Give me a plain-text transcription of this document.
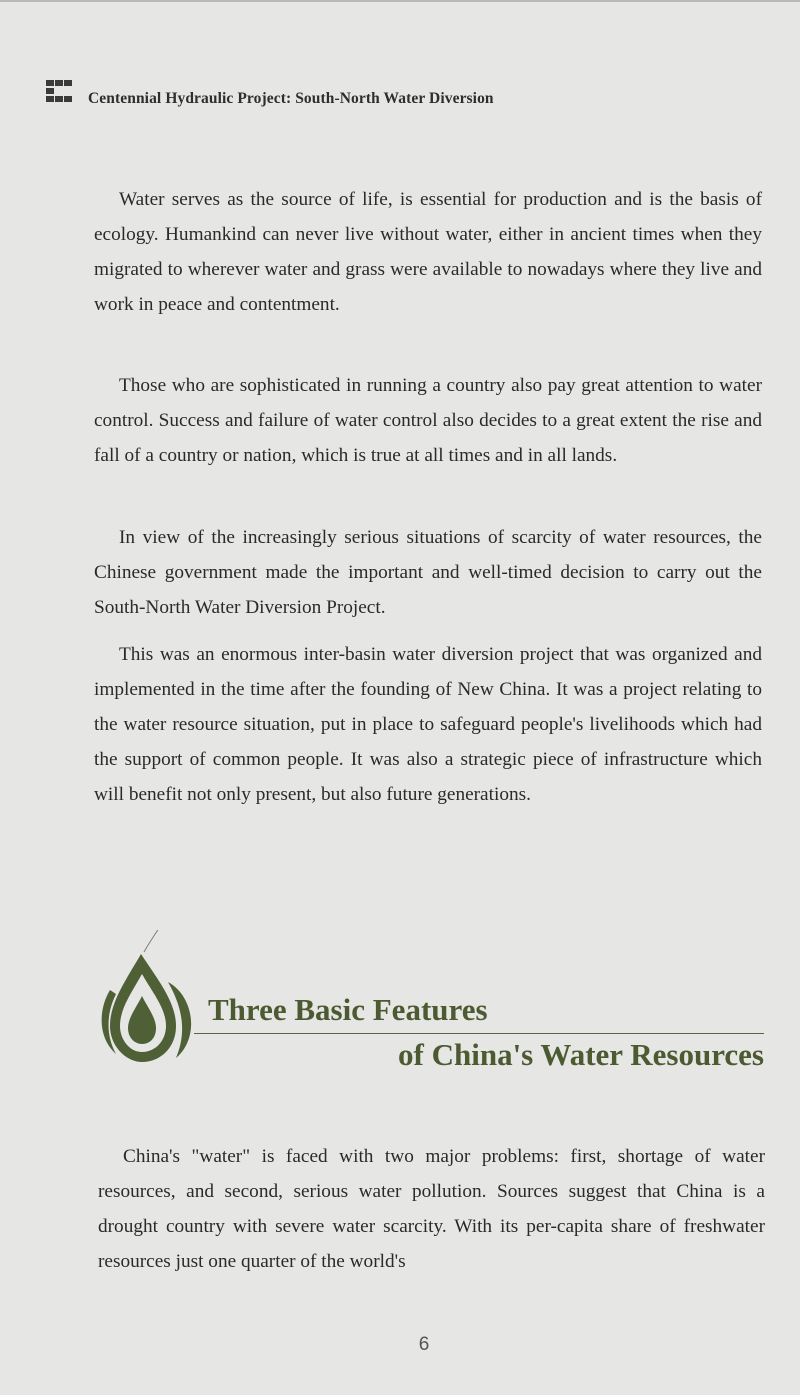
Centennial Hydraulic Project: South-North Water Diversion

Water serves as the source of life, is essential for production and is the basis of ecology. Humankind can never live without water, either in ancient times when they migrated to wherever water and grass were available to nowadays where they live and work in peace and contentment.

Those who are sophisticated in running a country also pay great attention to water control. Success and failure of water control also decides to a great extent the rise and fall of a country or nation, which is true at all times and in all lands.

In view of the increasingly serious situations of scarcity of water resources, the Chinese government made the important and well-timed decision to carry out the South-North Water Diversion Project.

This was an enormous inter-basin water diversion project that was organized and implemented in the time after the founding of New China. It was a project relating to the water resource situation, put in place to safeguard people's livelihoods which had the support of common people. It was also a strategic piece of infrastructure which will benefit not only present, but also future generations.

Three Basic Features
of China's Water Resources

China's "water" is faced with two major problems: first, shortage of water resources, and second, serious water pollution. Sources suggest that China is a drought country with severe water scarcity. With its per-capita share of freshwater resources just one quarter of the world's

6
